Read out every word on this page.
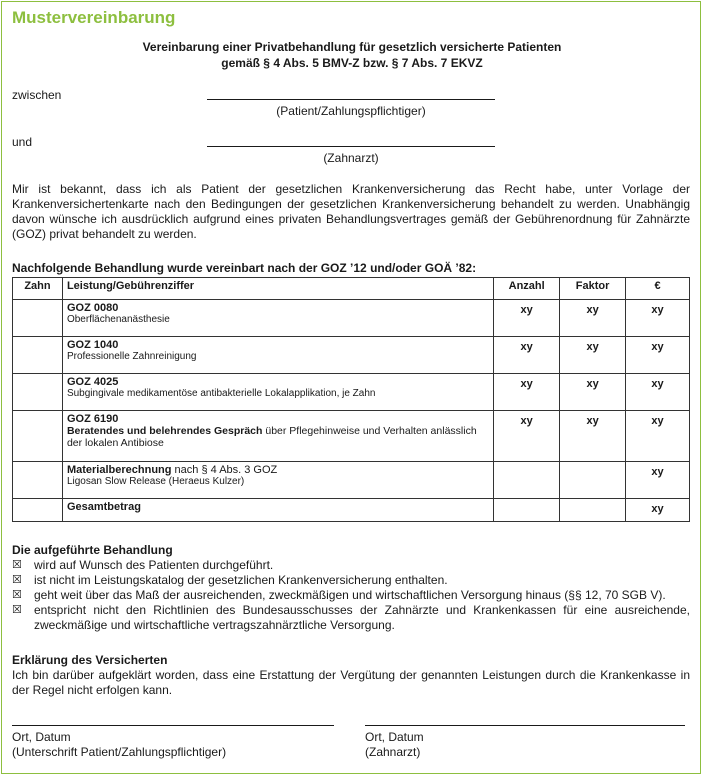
Mustervereinbarung
Vereinbarung einer Privatbehandlung für gesetzlich versicherte Patienten
gemäß § 4 Abs. 5 BMV-Z bzw. § 7 Abs. 7 EKVZ
zwischen
(Patient/Zahlungspflichtiger)
und
(Zahnarzt)
Mir ist bekannt, dass ich als Patient der gesetzlichen Krankenversicherung das Recht habe, unter Vorlage der Krankenversichertenkarte nach den Bedingungen der gesetzlichen Krankenversicherung behandelt zu werden. Unabhängig davon wünsche ich ausdrücklich aufgrund eines privaten Behandlungsvertrages gemäß der Gebührenordnung für Zahnärzte (GOZ) privat behandelt zu werden.
Nachfolgende Behandlung wurde vereinbart nach der GOZ ’12 und/oder GOÄ ’82:
Zahn	Leistung/Gebührenziffer	Anzahl	Faktor	€

	GOZ 0080
Oberflächenanästhesie	xy	xy	xy

	GOZ 1040
Professionelle Zahnreinigung	xy	xy	xy

	GOZ 4025
Subgingivale medikamentöse antibakterielle Lokalapplikation, je Zahn	xy	xy	xy

	GOZ 6190
Beratendes und belehrendes Gespräch über Pflegehinweise und Verhalten anlässlich der lokalen Antibiose	xy	xy	xy

	Materialberechnung nach § 4 Abs. 3 GOZ
Ligosan Slow Release (Heraeus Kulzer)			xy

	Gesamtbetrag			xy
Die aufgeführte Behandlung
☒	wird auf Wunsch des Patienten durchgeführt.
☒	ist nicht im Leistungskatalog der gesetzlichen Krankenversicherung enthalten.
☒	geht weit über das Maß der ausreichenden, zweckmäßigen und wirtschaftlichen Versorgung hinaus (§§ 12, 70 SGB V).
☒	entspricht nicht den Richtlinien des Bundesausschusses der Zahnärzte und Krankenkassen für eine ausreichende, zweckmäßige und wirtschaftliche vertragszahnärztliche Versorgung.
Erklärung des Versicherten
Ich bin darüber aufgeklärt worden, dass eine Erstattung der Vergütung der genannten Leistungen durch die Krankenkasse in der Regel nicht erfolgen kann.
Ort, Datum
(Unterschrift Patient/Zahlungspflichtiger)
Ort, Datum
(Zahnarzt)
